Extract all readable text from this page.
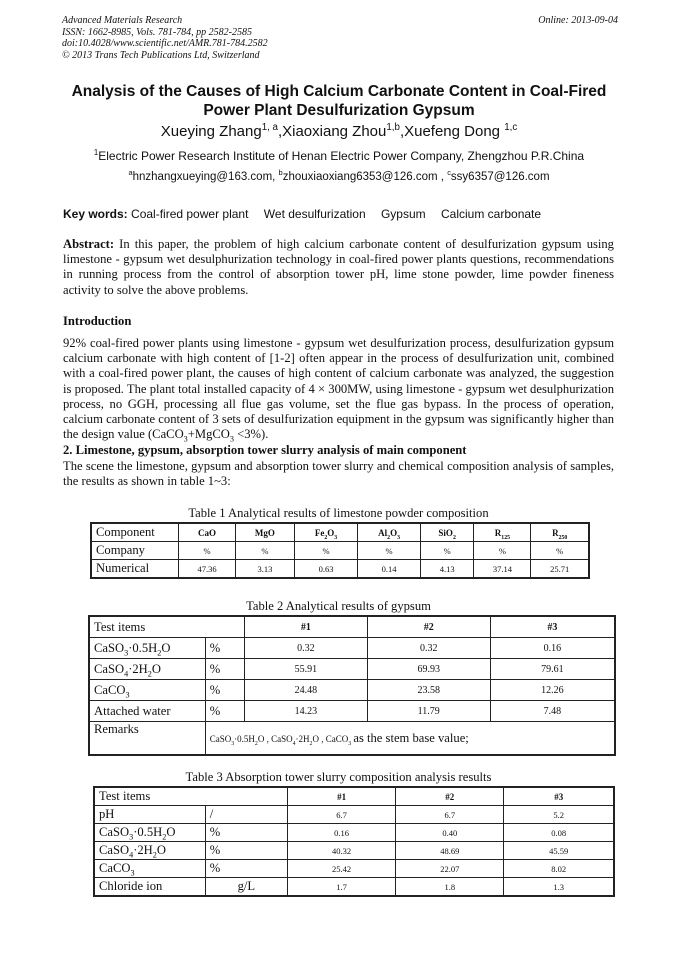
Advanced Materials Research
ISSN: 1662-8985, Vols. 781-784, pp 2582-2585
doi:10.4028/www.scientific.net/AMR.781-784.2582
© 2013 Trans Tech Publications Ltd, Switzerland
Online: 2013-09-04
Analysis of the Causes of High Calcium Carbonate Content in Coal-Fired
Power Plant Desulfurization Gypsum
Xueying Zhang$^{1, a}$,Xiaoxiang Zhou$^{1,b}$,Xuefeng Dong $^{1,c}$
$^1$Electric Power Research Institute of Henan Electric Power Company, Zhengzhou P.R.China
$^a$hnzhangxueying@163.com, $^b$zhouxiaoxiang6353@126.com , $^c$ssy6357@126.com
Key words: Coal-fired power plant Wet desulfurization Gypsum Calcium carbonate
Abstract: In this paper, the problem of high calcium carbonate content of desulfurization gypsum using limestone - gypsum wet desulphurization technology in coal-fired power plants questions, recommendations in running process from the control of absorption tower pH, lime stone powder, lime powder fineness activity to solve the above problems.
Introduction
92% coal-fired power plants using limestone - gypsum wet desulfurization process, desulfurization gypsum calcium carbonate with high content of [1-2] often appear in the process of desulfurization unit, combined with a coal-fired power plant, the causes of high content of calcium carbonate was analyzed, the suggestion is proposed. The plant total installed capacity of 4 × 300MW, using limestone - gypsum wet desulphurization process, no GGH, processing all flue gas volume, set the flue gas bypass. In the process of operation, calcium carbonate content of 3 sets of desulfurization equipment in the gypsum was significantly higher than the design value (CaCO$_3$+MgCO$_3$ <3%).
2. Limestone, gypsum, absorption tower slurry analysis of main component
The scene the limestone, gypsum and absorption tower slurry and chemical composition analysis of samples, the results as shown in table 1~3:
Table 1 Analytical results of limestone powder composition
Component	CaO	MgO	$Fe_2O_3$	$Al_2O_3$	SiO$_2$	$R_{125}$	$R_{250}$
Company	%	%	%	%	%	%	%
Numerical	47.36	3.13	0.63	0.14	4.13	37.14	25.71
Table 2 Analytical results of gypsum
Test items		#1	#2	#3
$CaSO_3\cdot 0.5H_2O$	%	0.32	0.32	0.16
$CaSO_4\cdot 2H_2O$	%	55.91	69.93	79.61
CaCO$_3$	%	24.48	23.58	12.26
Attached water	%	14.23	11.79	7.48
Remarks	$CaSO_3\cdot 0.5H_2O$ , $CaSO_4\cdot 2H_2O$ , CaCO$_3$ as the stem base value;			
Table 3 Absorption tower slurry composition analysis results
Test items		#1	#2	#3
pH	/	6.7	6.7	5.2
$CaSO_3\cdot 0.5H_2O$	%	0.16	0.40	0.08
$CaSO_4\cdot 2H_2O$	%	40.32	48.69	45.59
CaCO$_3$	%	25.42	22.07	8.02
Chloride ion	g/L	1.7	1.8	1.3
